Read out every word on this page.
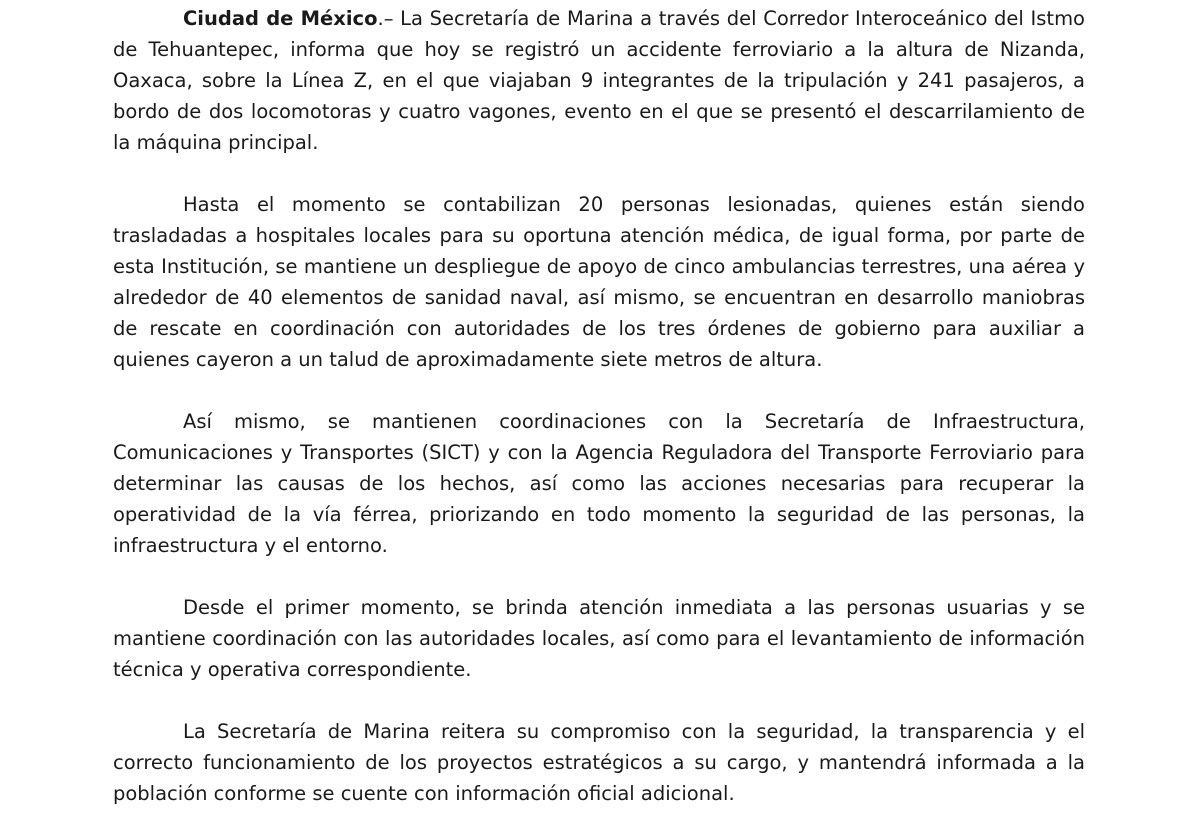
Ciudad de México.– La Secretaría de Marina a través del Corredor Interoceánico del Istmo de Tehuantepec, informa que hoy se registró un accidente ferroviario a la altura de Nizanda, Oaxaca, sobre la Línea Z, en el que viajaban 9 integrantes de la tripulación y 241 pasajeros, a bordo de dos locomotoras y cuatro vagones, evento en el que se presentó el descarrilamiento de la máquina principal.

Hasta el momento se contabilizan 20 personas lesionadas, quienes están siendo trasladadas a hospitales locales para su oportuna atención médica, de igual forma, por parte de esta Institución, se mantiene un despliegue de apoyo de cinco ambulancias terrestres, una aérea y alrededor de 40 elementos de sanidad naval, así mismo, se encuentran en desarrollo maniobras de rescate en coordinación con autoridades de los tres órdenes de gobierno para auxiliar a quienes cayeron a un talud de aproximadamente siete metros de altura.

Así mismo, se mantienen coordinaciones con la Secretaría de Infraestructura, Comunicaciones y Transportes (SICT) y con la Agencia Reguladora del Transporte Ferroviario para determinar las causas de los hechos, así como las acciones necesarias para recuperar la operatividad de la vía férrea, priorizando en todo momento la seguridad de las personas, la infraestructura y el entorno.

Desde el primer momento, se brinda atención inmediata a las personas usuarias y se mantiene coordinación con las autoridades locales, así como para el levantamiento de información técnica y operativa correspondiente.

La Secretaría de Marina reitera su compromiso con la seguridad, la transparencia y el correcto funcionamiento de los proyectos estratégicos a su cargo, y mantendrá informada a la población conforme se cuente con información oficial adicional.
